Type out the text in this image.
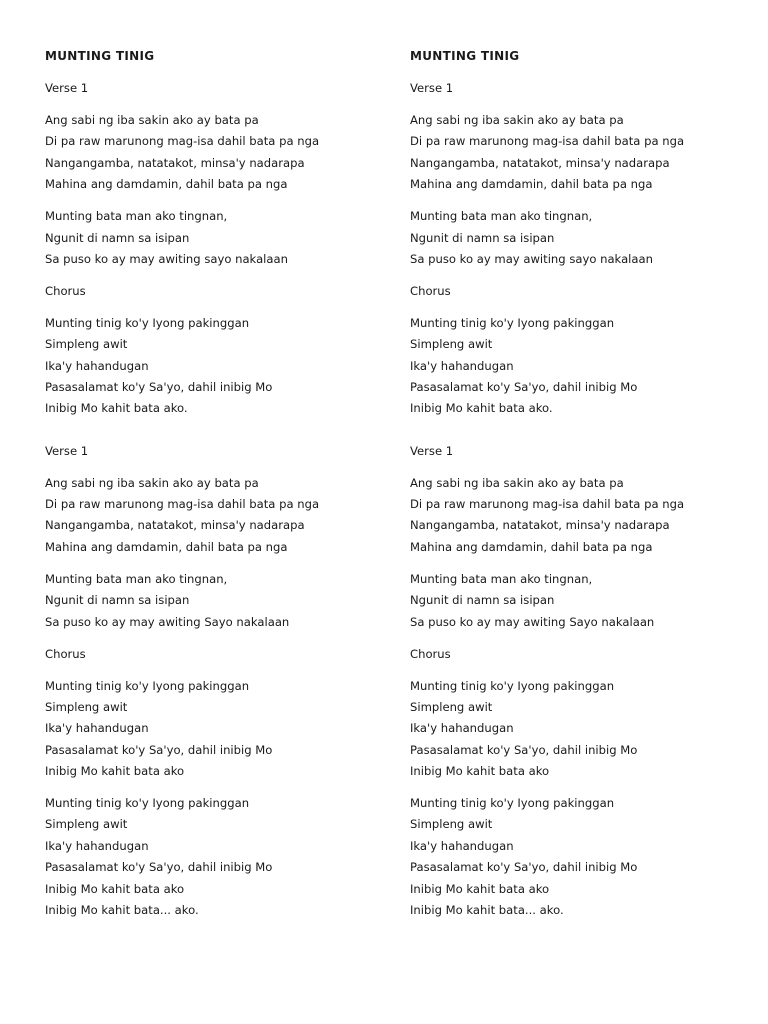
MUNTING TINIG
Verse 1
Ang sabi ng iba sakin ako ay bata pa
Di pa raw marunong mag-isa dahil bata pa nga
Nangangamba, natatakot, minsa'y nadarapa
Mahina ang damdamin, dahil bata pa nga
Munting bata man ako tingnan,
Ngunit di namn sa isipan
Sa puso ko ay may awiting sayo nakalaan
Chorus
Munting tinig ko'y Iyong pakinggan
Simpleng awit
Ika'y hahandugan
Pasasalamat ko'y Sa'yo, dahil inibig Mo
Inibig Mo kahit bata ako.
Verse 1
Ang sabi ng iba sakin ako ay bata pa
Di pa raw marunong mag-isa dahil bata pa nga
Nangangamba, natatakot, minsa'y nadarapa
Mahina ang damdamin, dahil bata pa nga
Munting bata man ako tingnan,
Ngunit di namn sa isipan
Sa puso ko ay may awiting Sayo nakalaan
Chorus
Munting tinig ko'y Iyong pakinggan
Simpleng awit
Ika'y hahandugan
Pasasalamat ko'y Sa'yo, dahil inibig Mo
Inibig Mo kahit bata ako
Munting tinig ko'y Iyong pakinggan
Simpleng awit
Ika'y hahandugan
Pasasalamat ko'y Sa'yo, dahil inibig Mo
Inibig Mo kahit bata ako
Inibig Mo kahit bata... ako.
MUNTING TINIG
Verse 1
Ang sabi ng iba sakin ako ay bata pa
Di pa raw marunong mag-isa dahil bata pa nga
Nangangamba, natatakot, minsa'y nadarapa
Mahina ang damdamin, dahil bata pa nga
Munting bata man ako tingnan,
Ngunit di namn sa isipan
Sa puso ko ay may awiting sayo nakalaan
Chorus
Munting tinig ko'y Iyong pakinggan
Simpleng awit
Ika'y hahandugan
Pasasalamat ko'y Sa'yo, dahil inibig Mo
Inibig Mo kahit bata ako.
Verse 1
Ang sabi ng iba sakin ako ay bata pa
Di pa raw marunong mag-isa dahil bata pa nga
Nangangamba, natatakot, minsa'y nadarapa
Mahina ang damdamin, dahil bata pa nga
Munting bata man ako tingnan,
Ngunit di namn sa isipan
Sa puso ko ay may awiting Sayo nakalaan
Chorus
Munting tinig ko'y Iyong pakinggan
Simpleng awit
Ika'y hahandugan
Pasasalamat ko'y Sa'yo, dahil inibig Mo
Inibig Mo kahit bata ako
Munting tinig ko'y Iyong pakinggan
Simpleng awit
Ika'y hahandugan
Pasasalamat ko'y Sa'yo, dahil inibig Mo
Inibig Mo kahit bata ako
Inibig Mo kahit bata... ako.
